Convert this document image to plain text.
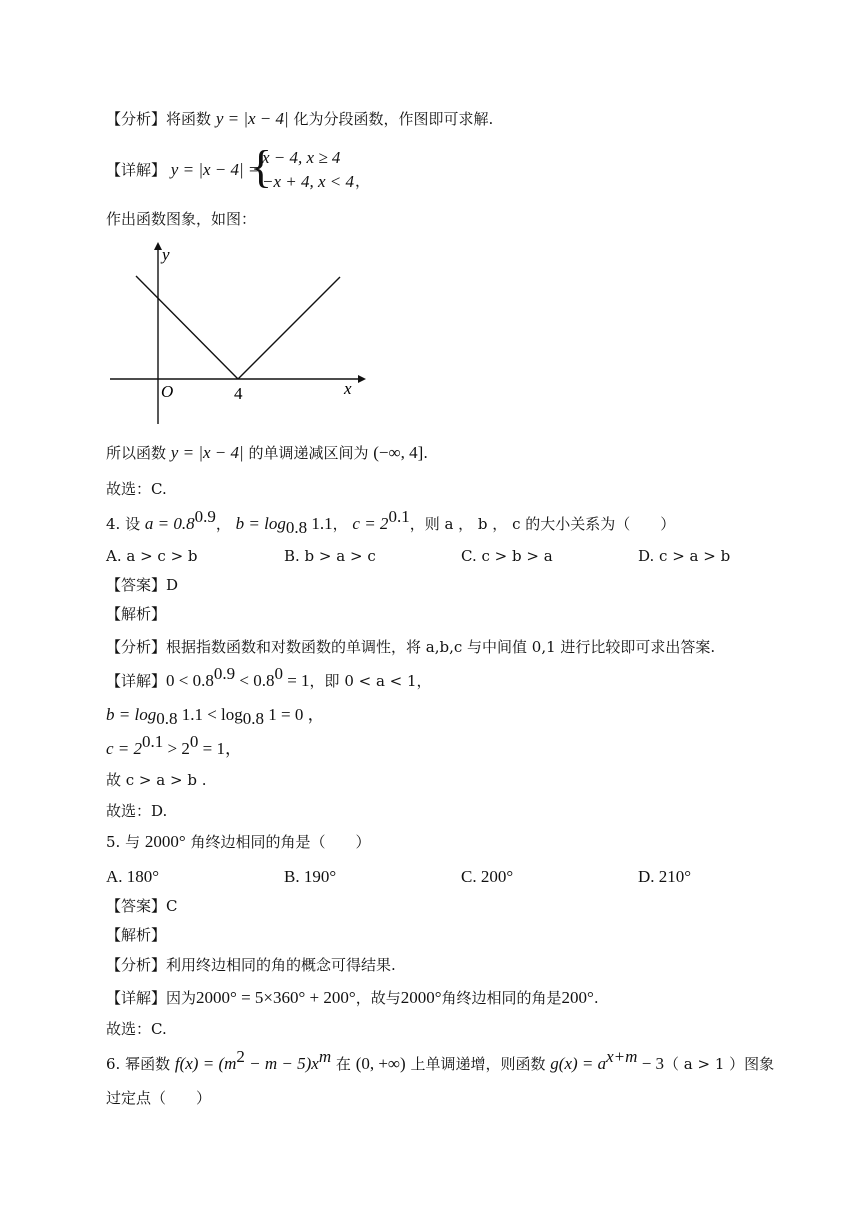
【分析】将函数 y = |x − 4| 化为分段函数，作图即可求解.
【详解】 y = |x − 4| =
{
x − 4, x ≥ 4
−x + 4, x < 4 ，
作出函数图象，如图：
y
x
O	4
所以函数 y = |x − 4| 的单调递减区间为 (−∞, 4].
故选：C.
4. 设 $a = 0.8^{0.9}$， $b = \log_{0.8} 1.1$， $c = 2^{0.1}$，则 a ， b ， c 的大小关系为（　　）
A. a > c > b	B. b > a > c	C. c > b > a	D. c > a > b
【答案】D
【解析】
【分析】根据指数函数和对数函数的单调性，将 a,b,c 与中间值 0,1 进行比较即可求出答案.
【详解】$0 < 0.8^{0.9} < 0.8^0 = 1$，即 0 < a < 1，
$b = \log_{0.8} 1.1 < \log_{0.8} 1 = 0$ ，
$c = 2^{0.1} > 2^0 = 1$，
故 c > a > b .
故选：D.
5. 与 2000° 角终边相同的角是（　　）
A. 180°	B. 190°	C. 200°	D. 210°
【答案】C
【解析】
【分析】利用终边相同的角的概念可得结果.
【详解】因为2000° = 5×360° + 200°，故与2000°角终边相同的角是200°.
故选：C.
6. 幂函数 $f(x) = (m^2 - m - 5)x^m$ 在 (0, +∞) 上单调递增，则函数 $g(x) = a^{x+m} - 3$（ a > 1 ）图象
过定点（　　）
